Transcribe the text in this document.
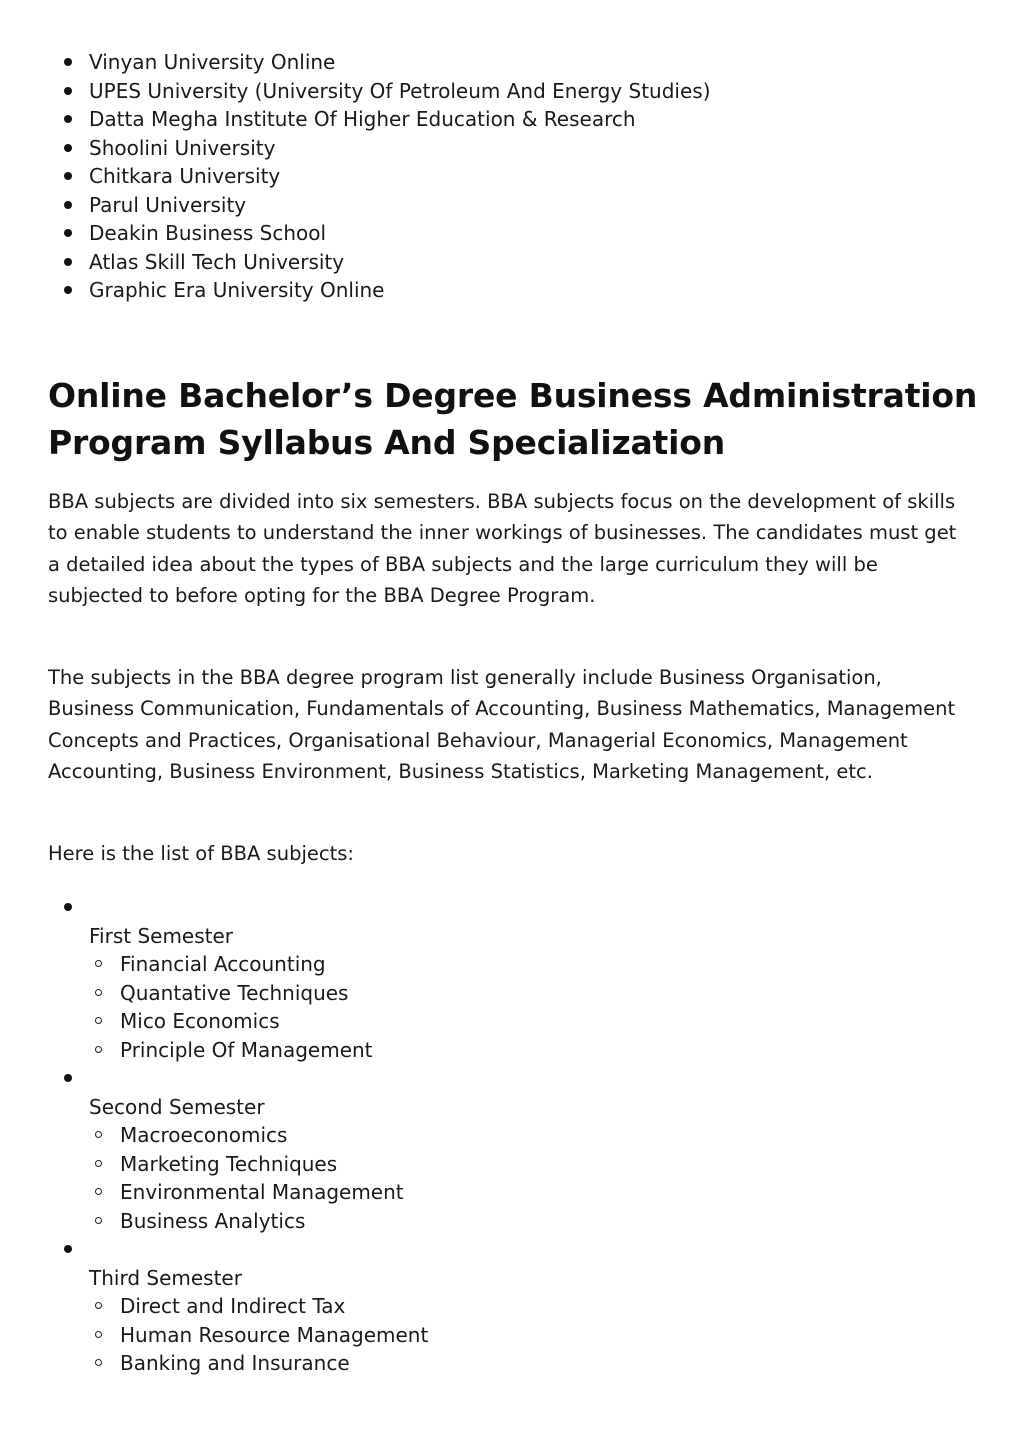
Vinyan University Online
UPES University (University Of Petroleum And Energy Studies)
Datta Megha Institute Of Higher Education & Research
Shoolini University
Chitkara University
Parul University
Deakin Business School
Atlas Skill Tech University
Graphic Era University Online
Online Bachelor’s Degree Business Administration
Program Syllabus And Specialization

BBA subjects are divided into six semesters. BBA subjects focus on the development of skills to enable students to understand the inner workings of businesses. The candidates must get a detailed idea about the types of BBA subjects and the large curriculum they will be subjected to before opting for the BBA Degree Program.

The subjects in the BBA degree program list generally include Business Organisation, Business Communication, Fundamentals of Accounting, Business Mathematics, Management Concepts and Practices, Organisational Behaviour, Managerial Economics, Management Accounting, Business Environment, Business Statistics, Marketing Management, etc.

Here is the list of BBA subjects:

First Semester
Financial Accounting
Quantative Techniques
Mico Economics
Principle Of Management
Second Semester
Macroeconomics
Marketing Techniques
Environmental Management
Business Analytics
Third Semester
Direct and Indirect Tax
Human Resource Management
Banking and Insurance
